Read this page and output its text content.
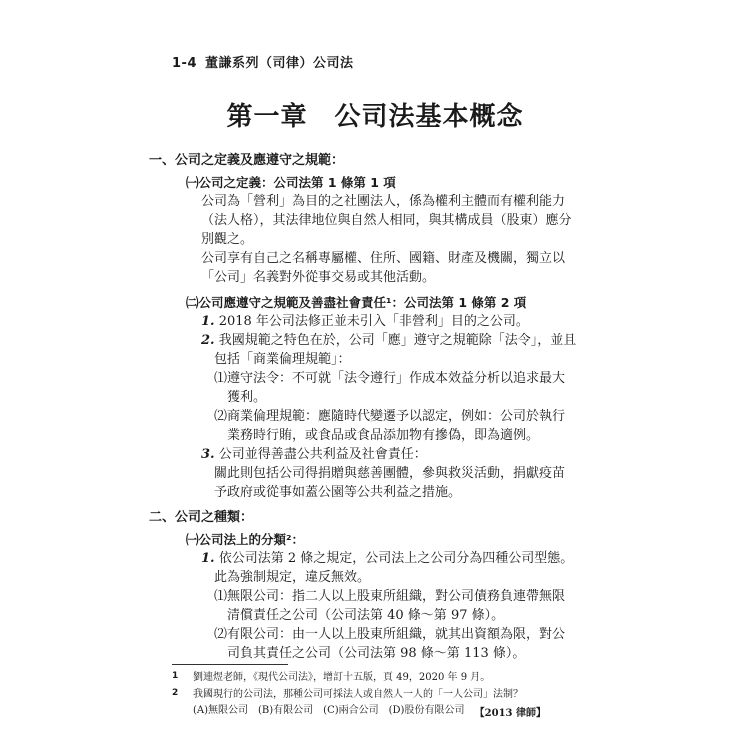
1-4 董謙系列（司律）公司法
第一章　公司法基本概念
一、公司之定義及應遵守之規範：
㈠公司之定義：公司法第 1 條第 1 項
公司為「營利」為目的之社團法人，係為權利主體而有權利能力
（法人格），其法律地位與自然人相同，與其構成員（股東）應分
別觀之。
公司享有自己之名稱專屬權、住所、國籍、財產及機關，獨立以
「公司」名義對外從事交易或其他活動。
㈡公司應遵守之規範及善盡社會責任¹：公司法第 1 條第 2 項
1. 2018 年公司法修正並未引入「非營利」目的之公司。
2. 我國規範之特色在於，公司「應」遵守之規範除「法令」，並且
包括「商業倫理規範」：
⑴遵守法令：不可就「法令遵行」作成本效益分析以追求最大
獲利。
⑵商業倫理規範：應隨時代變遷予以認定，例如：公司於執行
業務時行賄，或食品或食品添加物有摻偽，即為適例。
3. 公司並得善盡公共利益及社會責任：
關此則包括公司得捐贈與慈善團體，參與救災活動，捐獻疫苗
予政府或從事如蓋公園等公共利益之措施。
二、公司之種類：
㈠公司法上的分類²：
1. 依公司法第 2 條之規定，公司法上之公司分為四種公司型態。
此為強制規定，違反無效。
⑴無限公司：指二人以上股東所組織，對公司債務負連帶無限
清償責任之公司（公司法第 40 條～第 97 條）。
⑵有限公司：由一人以上股東所組織，就其出資額為限，對公
司負其責任之公司（公司法第 98 條～第 113 條）。
1 劉連煜老師，《現代公司法》，增訂十五版，頁 49，2020 年 9 月。
2 我國現行的公司法，那種公司可採法人或自然人一人的「一人公司」法制？
(A)無限公司　(B)有限公司　(C)兩合公司　(D)股份有限公司 【2013 律師】
